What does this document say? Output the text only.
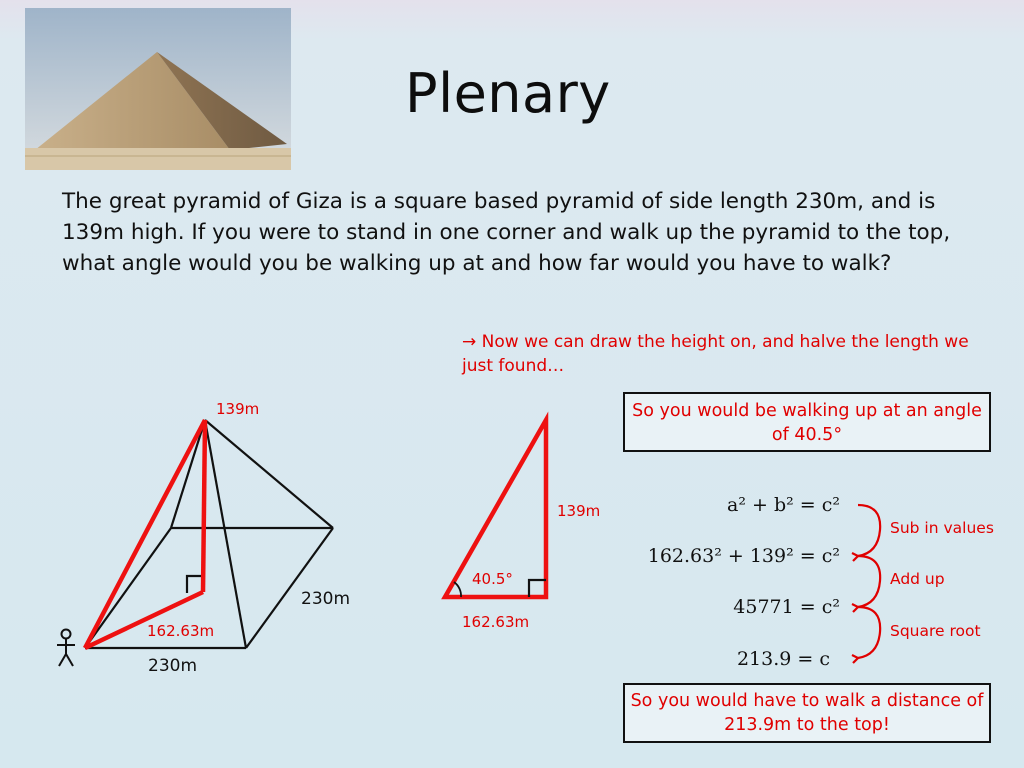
Plenary
The great pyramid of Giza is a square based pyramid of side length 230m, and is 139m high. If you were to stand in one corner and walk up the pyramid to the top, what angle would you be walking up at and how far would you have to walk?
→ Now we can draw the height on, and halve the length we just found…
So you would be walking up at an angle of 40.5°
139m
162.63m
230m
230m
139m
162.63m
40.5°
a² + b² = c²
162.63² + 139² = c²
45771 = c²
213.9 = c
Sub in values
Add up
Square root
So you would have to walk a distance of 213.9m to the top!
